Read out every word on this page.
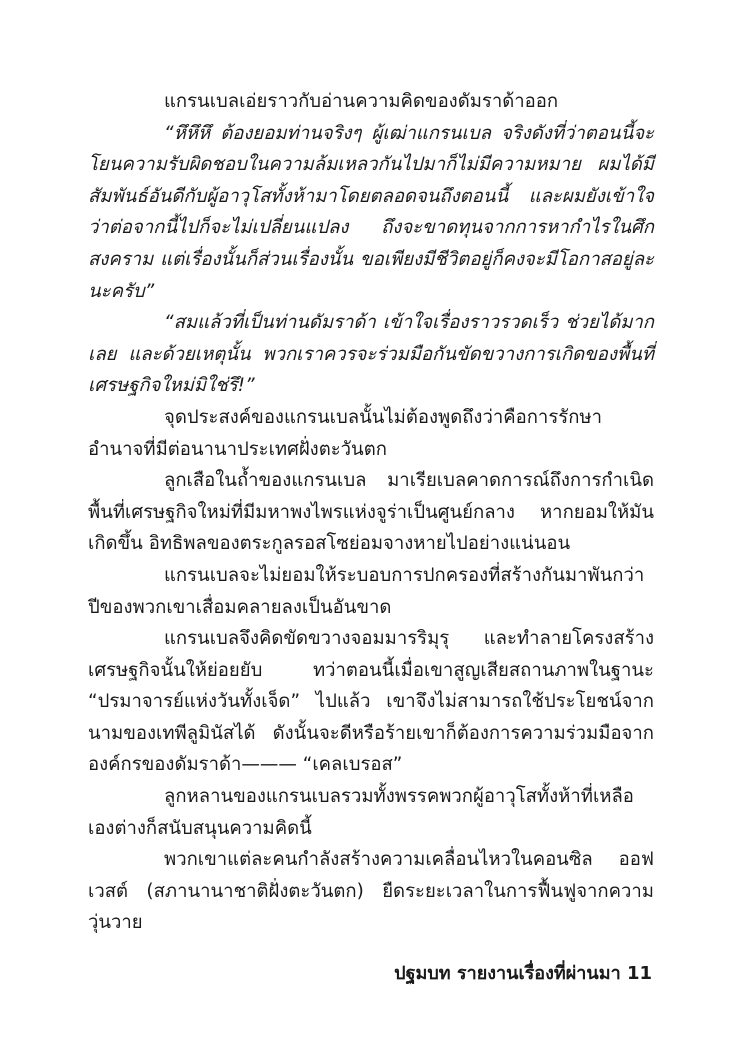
แกรนเบลเอ่ยราวกับอ่านความคิดของดัมราด้าออก

“หึหึหึ ต้องยอมท่านจริงๆ ผู้เฒ่าแกรนเบล จริงดังที่ว่าตอนนี้จะโยนความรับผิดชอบในความล้มเหลวกันไปมาก็ไม่มีความหมาย ผมได้มีสัมพันธ์อันดีกับผู้อาวุโสทั้งห้ามาโดยตลอดจนถึงตอนนี้ และผมยังเข้าใจว่าต่อจากนี้ไปก็จะไม่เปลี่ยนแปลง ถึงจะขาดทุนจากการหากำไรในศึกสงคราม แต่เรื่องนั้นก็ส่วนเรื่องนั้น ขอเพียงมีชีวิตอยู่ก็คงจะมีโอกาสอยู่ละนะครับ”

“สมแล้วที่เป็นท่านดัมราด้า เข้าใจเรื่องราวรวดเร็ว ช่วยได้มากเลย และด้วยเหตุนั้น พวกเราควรจะร่วมมือกันขัดขวางการเกิดของพื้นที่เศรษฐกิจใหม่มิใช่รึ!”

จุดประสงค์ของแกรนเบลนั้นไม่ต้องพูดถึงว่าคือการรักษาอำนาจที่มีต่อนานาประเทศฝั่งตะวันตก

ลูกเสือในถ้ำของแกรนเบล มาเรียเบลคาดการณ์ถึงการกำเนิดพื้นที่เศรษฐกิจใหม่ที่มีมหาพงไพรแห่งจูร่าเป็นศูนย์กลาง หากยอมให้มันเกิดขึ้น อิทธิพลของตระกูลรอสโซย่อมจางหายไปอย่างแน่นอน

แกรนเบลจะไม่ยอมให้ระบอบการปกครองที่สร้างกันมาพันกว่าปีของพวกเขาเสื่อมคลายลงเป็นอันขาด

แกรนเบลจึงคิดขัดขวางจอมมารริมุรุ และทำลายโครงสร้างเศรษฐกิจนั้นให้ย่อยยับ ทว่าตอนนี้เมื่อเขาสูญเสียสถานภาพในฐานะ “ปรมาจารย์แห่งวันทั้งเจ็ด” ไปแล้ว เขาจึงไม่สามารถใช้ประโยชน์จากนามของเทพีลูมินัสได้ ดังนั้นจะดีหรือร้ายเขาก็ต้องการความร่วมมือจากองค์กรของดัมราด้า——— “เคลเบรอส”

ลูกหลานของแกรนเบลรวมทั้งพรรคพวกผู้อาวุโสทั้งห้าที่เหลือเองต่างก็สนับสนุนความคิดนี้

พวกเขาแต่ละคนกำลังสร้างความเคลื่อนไหวในคอนซิล ออฟ เวสต์ (สภานานาชาติฝั่งตะวันตก) ยืดระยะเวลาในการฟื้นฟูจากความวุ่นวาย

ปฐมบท รายงานเรื่องที่ผ่านมา 11
